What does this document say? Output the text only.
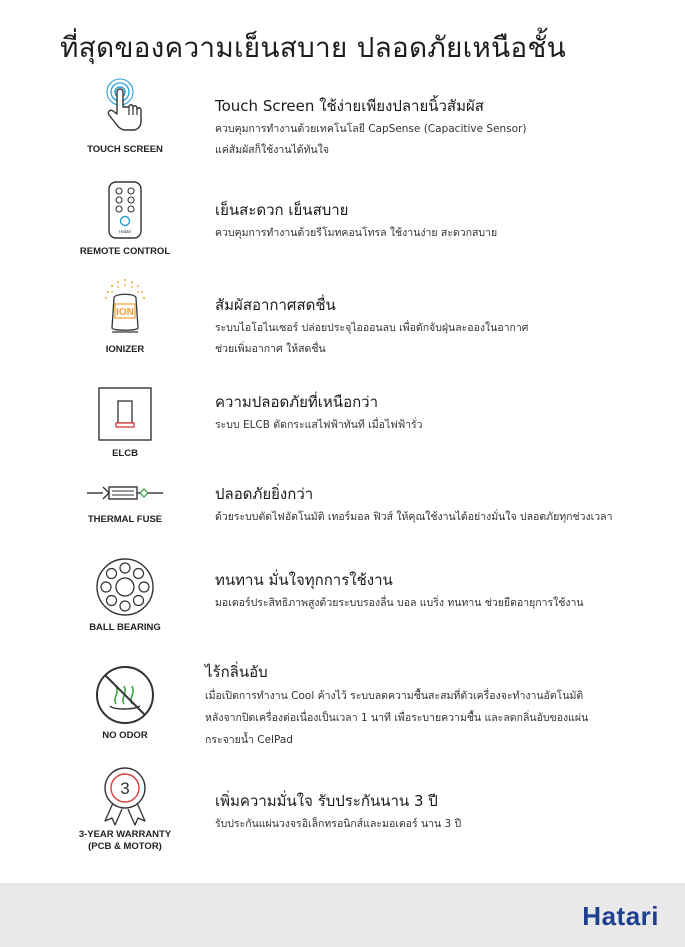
ที่สุดของความเย็นสบาย ปลอดภัยเหนือชั้น
TOUCH SCREEN
Touch Screen ใช้ง่ายเพียงปลายนิ้วสัมผัส
ควบคุมการทำงานด้วยเทคโนโลยี CapSense (Capacitive Sensor)
แค่สัมผัสก็ใช้งานได้ทันใจ
Hatari
REMOTE CONTROL
เย็นสะดวก เย็นสบาย
ควบคุมการทำงานด้วยรีโมทคอนโทรล ใช้งานง่าย สะดวกสบาย
ION
IONIZER
สัมผัสอากาศสดชื่น
ระบบไอโอไนเซอร์ ปล่อยประจุไอออนลบ เพื่อดักจับฝุ่นละอองในอากาศ
ช่วยเพิ่มอากาศ ให้สดชื่น
ELCB
ความปลอดภัยที่เหนือกว่า
ระบบ ELCB ตัดกระแสไฟฟ้าทันที เมื่อไฟฟ้ารั่ว
THERMAL FUSE
ปลอดภัยยิ่งกว่า
ด้วยระบบตัดไฟอัตโนมัติ เทอร์มอล ฟิวส์ ให้คุณใช้งานได้อย่างมั่นใจ ปลอดภัยทุกช่วงเวลา
BALL BEARING
ทนทาน มั่นใจทุกการใช้งาน
มอเตอร์ประสิทธิภาพสูงด้วยระบบรองลื่น บอล แบริ่ง ทนทาน ช่วยยืดอายุการใช้งาน
NO ODOR
ไร้กลิ่นอับ
เมื่อเปิดการทำงาน Cool ค้างไว้ ระบบลดความชื้นสะสมที่ตัวเครื่องจะทำงานอัตโนมัติ
หลังจากปิดเครื่องต่อเนื่องเป็นเวลา 1 นาที เพื่อระบายความชื้น และลดกลิ่นอับของแผ่น
กระจายน้ำ CelPad
3
3-YEAR WARRANTY
(PCB & MOTOR)
เพิ่มความมั่นใจ รับประกันนาน 3 ปี
รับประกันแผ่นวงจรอิเล็กทรอนิกส์และมอเตอร์ นาน 3 ปี
Hatari
